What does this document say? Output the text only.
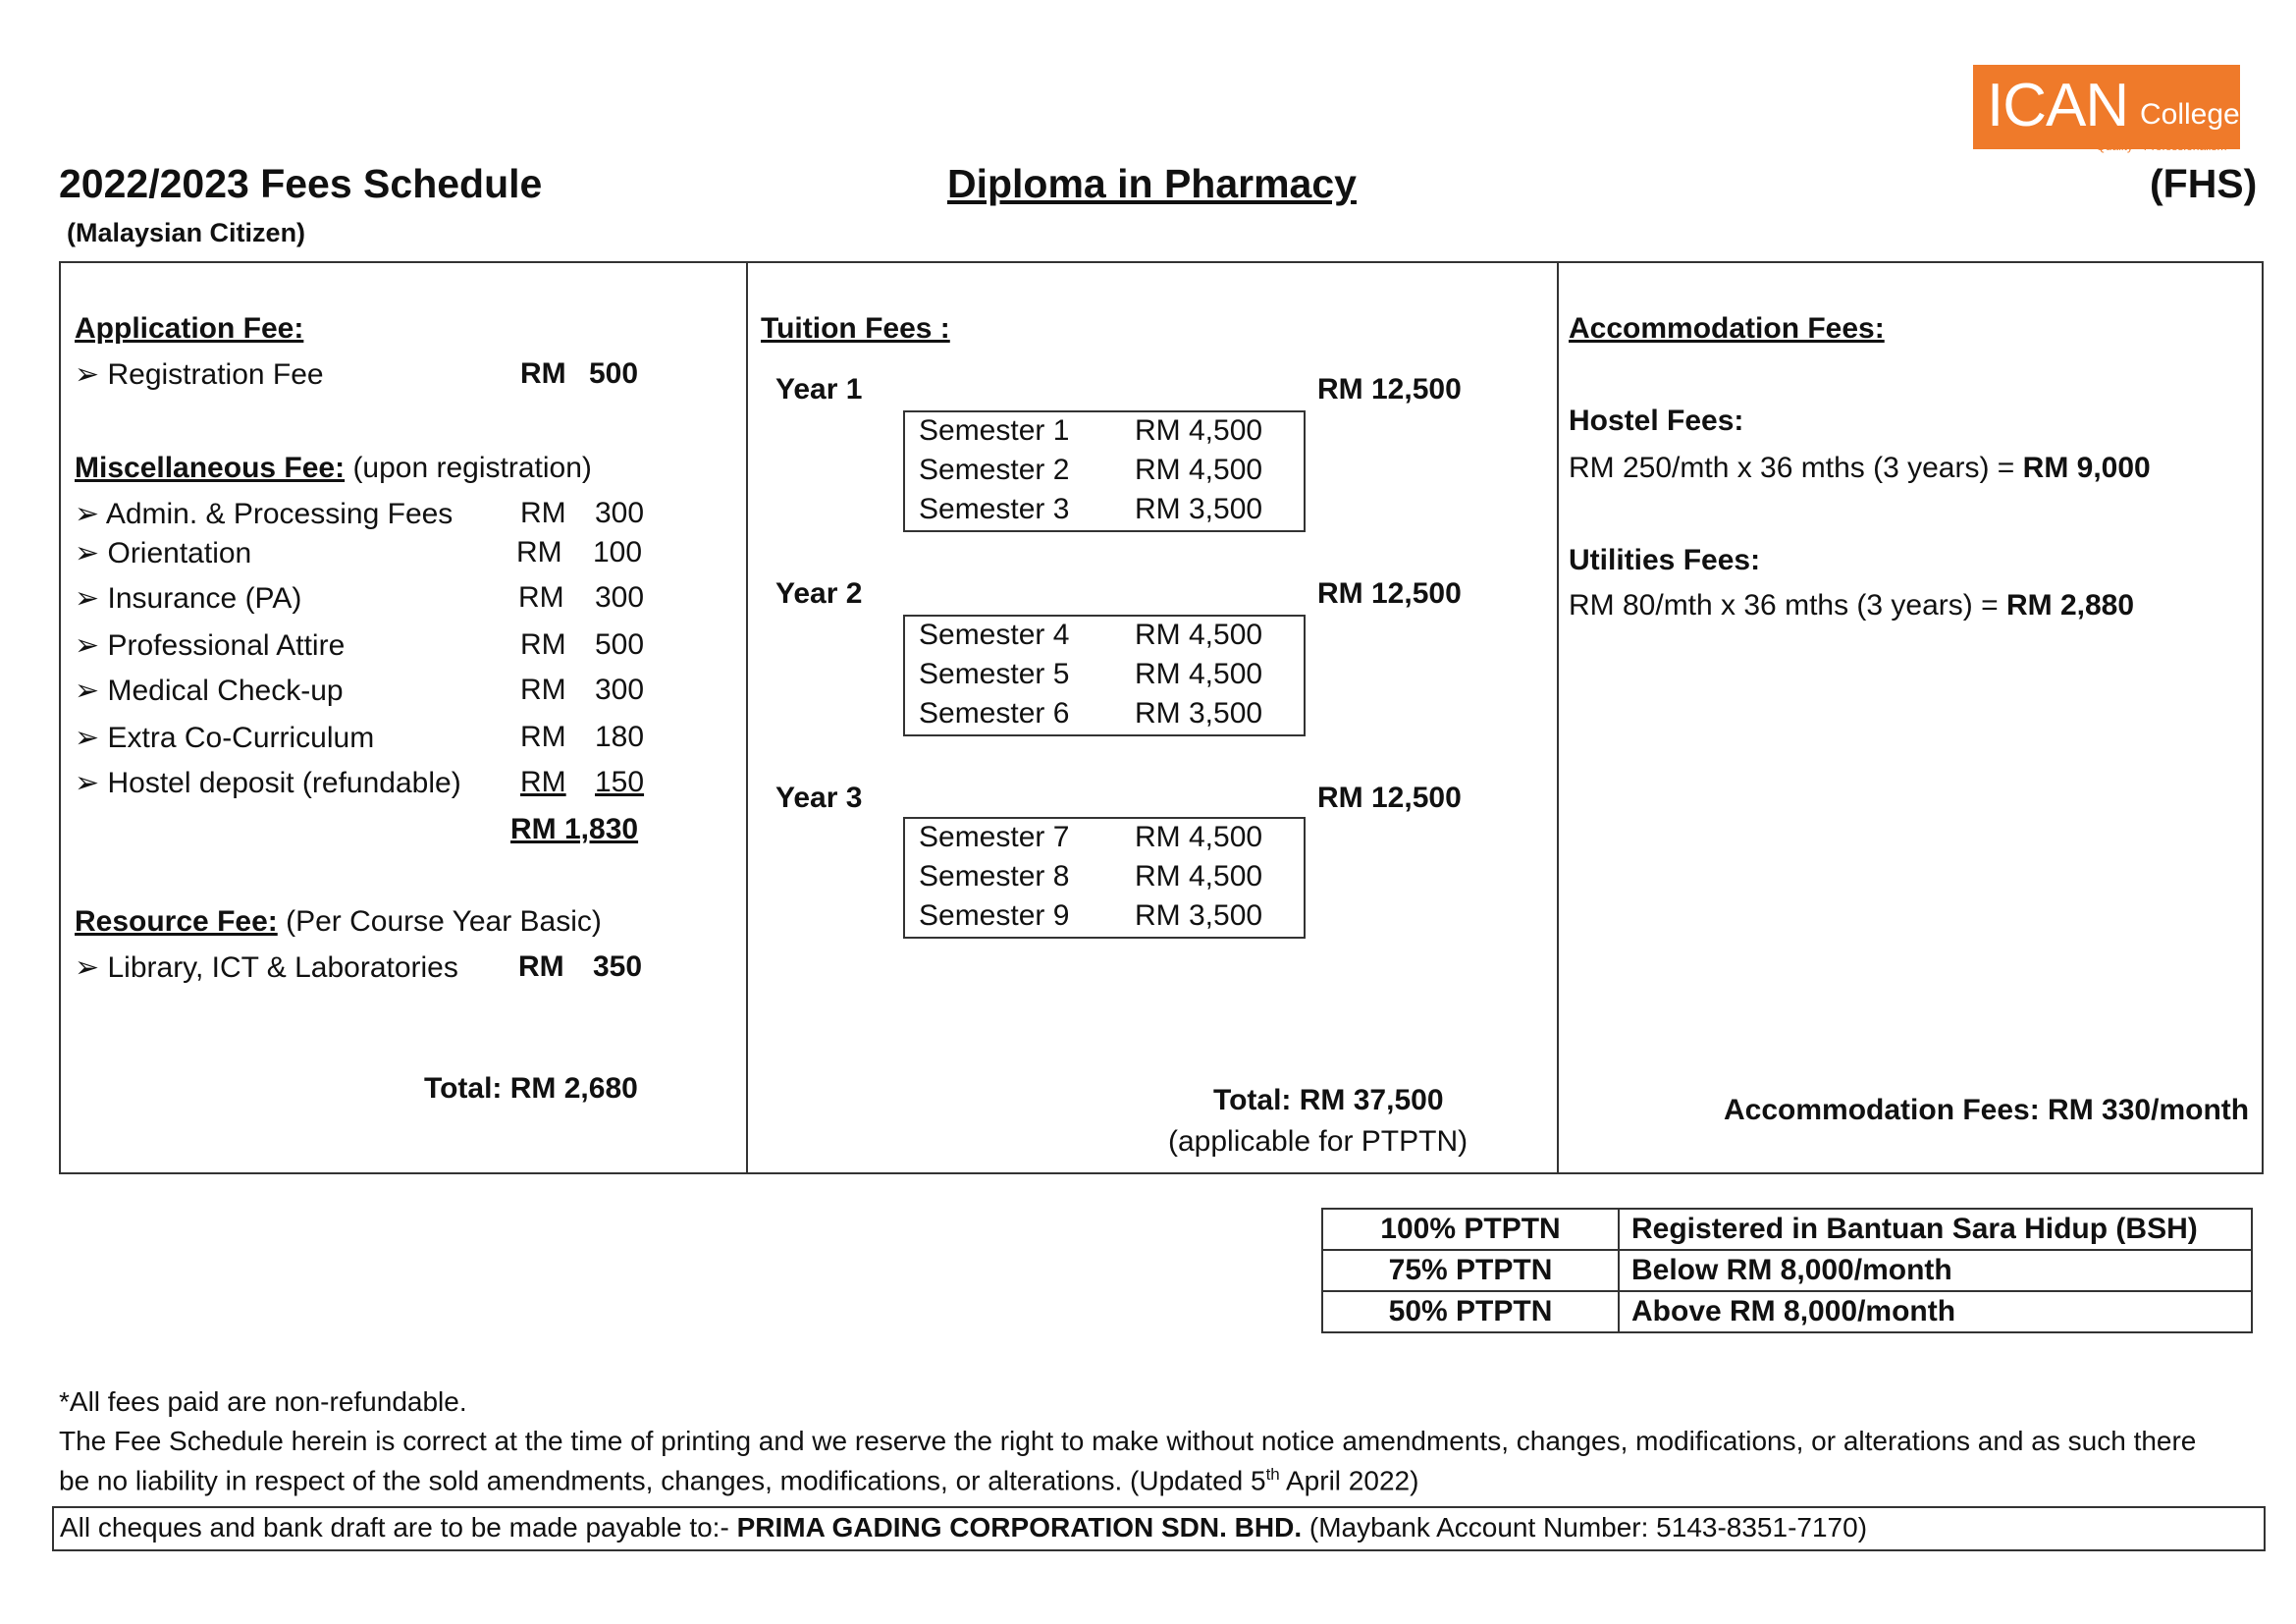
ICAN College
• Quality • Professionalism
2022/2023 Fees Schedule	Diploma in Pharmacy	(FHS)
(Malaysian Citizen)
Application Fee:
➢ Registration Fee	RM 500
Miscellaneous Fee: (upon registration)
➢ Admin. & Processing Fees RM 300
➢ Orientation	RM 100
➢ Insurance (PA)	RM 300
➢ Professional Attire	RM 500
➢ Medical Check-up	RM 300
➢ Extra Co-Curriculum	RM 180
➢ Hostel deposit (refundable) RM 150
RM 1,830
Resource Fee: (Per Course Year Basic)
➢ Library, ICT & Laboratories RM 350
Total: RM 2,680
Tuition Fees :
Year 1	RM 12,500
Semester 1 RM 4,500
Semester 2 RM 4,500
Semester 3 RM 3,500
Year 2	RM 12,500
Semester 4 RM 4,500
Semester 5 RM 4,500
Semester 6 RM 3,500
Year 3	RM 12,500
Semester 7 RM 4,500
Semester 8 RM 4,500
Semester 9 RM 3,500
Total: RM 37,500
(applicable for PTPTN)
Accommodation Fees:
Hostel Fees:
RM 250/mth x 36 mths (3 years) = RM 9,000
Utilities Fees:
RM 80/mth x 36 mths (3 years) = RM 2,880
Accommodation Fees: RM 330/month
100% PTPTN	Registered in Bantuan Sara Hidup (BSH)
75% PTPTN	Below RM 8,000/month
50% PTPTN	Above RM 8,000/month
*All fees paid are non-refundable.
The Fee Schedule herein is correct at the time of printing and we reserve the right to make without notice amendments, changes, modifications, or alterations and as such there
be no liability in respect of the sold amendments, changes, modifications, or alterations. (Updated 5th April 2022)
All cheques and bank draft are to be made payable to:- PRIMA GADING CORPORATION SDN. BHD. (Maybank Account Number: 5143-8351-7170)
